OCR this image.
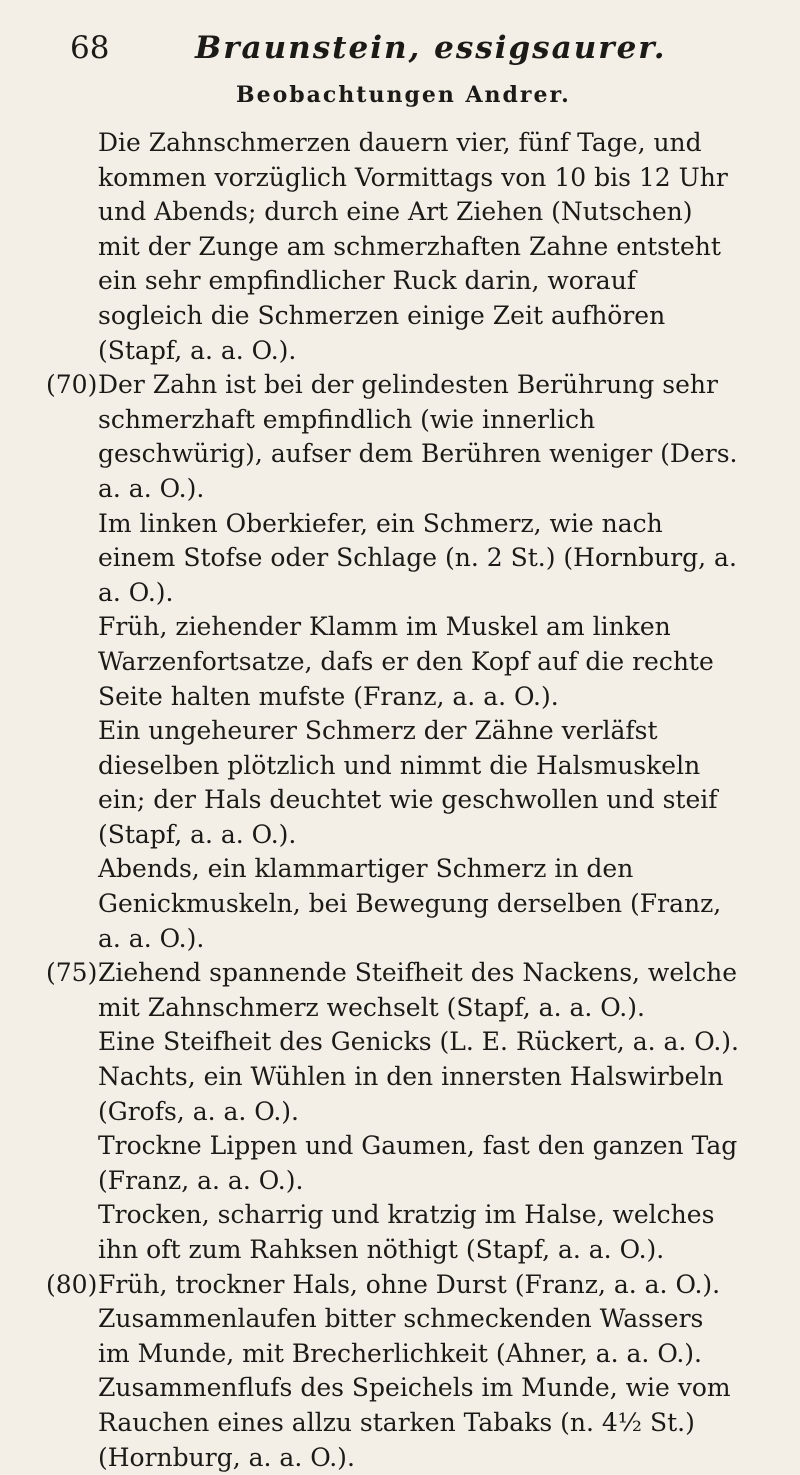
68	Braunstein, essigsaurer.
Beobachtungen Andrer.
Die Zahnschmerzen dauern vier, fünf Tage, und kommen vorzüglich Vormittags von 10 bis 12 Uhr und Abends; durch eine Art Ziehen (Nutschen) mit der Zunge am schmerzhaften Zahne entsteht ein sehr empfindlicher Ruck darin, worauf sogleich die Schmerzen einige Zeit aufhören (Stapf, a. a. O.).
(70) Der Zahn ist bei der gelindesten Berührung sehr schmerzhaft empfindlich (wie innerlich geschwürig), aufser dem Berühren weniger (Ders. a. a. O.).
Im linken Oberkiefer, ein Schmerz, wie nach einem Stofse oder Schlage (n. 2 St.) (Hornburg, a. a. O.).
Früh, ziehender Klamm im Muskel am linken Warzenfortsatze, dafs er den Kopf auf die rechte Seite halten mufste (Franz, a. a. O.).
Ein ungeheurer Schmerz der Zähne verläfst dieselben plötzlich und nimmt die Halsmuskeln ein; der Hals deuchtet wie geschwollen und steif (Stapf, a. a. O.).
Abends, ein klammartiger Schmerz in den Genickmuskeln, bei Bewegung derselben (Franz, a. a. O.).
(75) Ziehend spannende Steifheit des Nackens, welche mit Zahnschmerz wechselt (Stapf, a. a. O.).
Eine Steifheit des Genicks (L. E. Rückert, a. a. O.).
Nachts, ein Wühlen in den innersten Halswirbeln (Grofs, a. a. O.).
Trockne Lippen und Gaumen, fast den ganzen Tag (Franz, a. a. O.).
Trocken, scharrig und kratzig im Halse, welches ihn oft zum Rahksen nöthigt (Stapf, a. a. O.).
(80) Früh, trockner Hals, ohne Durst (Franz, a. a. O.).
Zusammenlaufen bitter schmeckenden Wassers im Munde, mit Brecherlichkeit (Ahner, a. a. O.).
Zusammenflufs des Speichels im Munde, wie vom Rauchen eines allzu starken Tabaks (n. 4½ St.) (Hornburg, a. a. O.).
